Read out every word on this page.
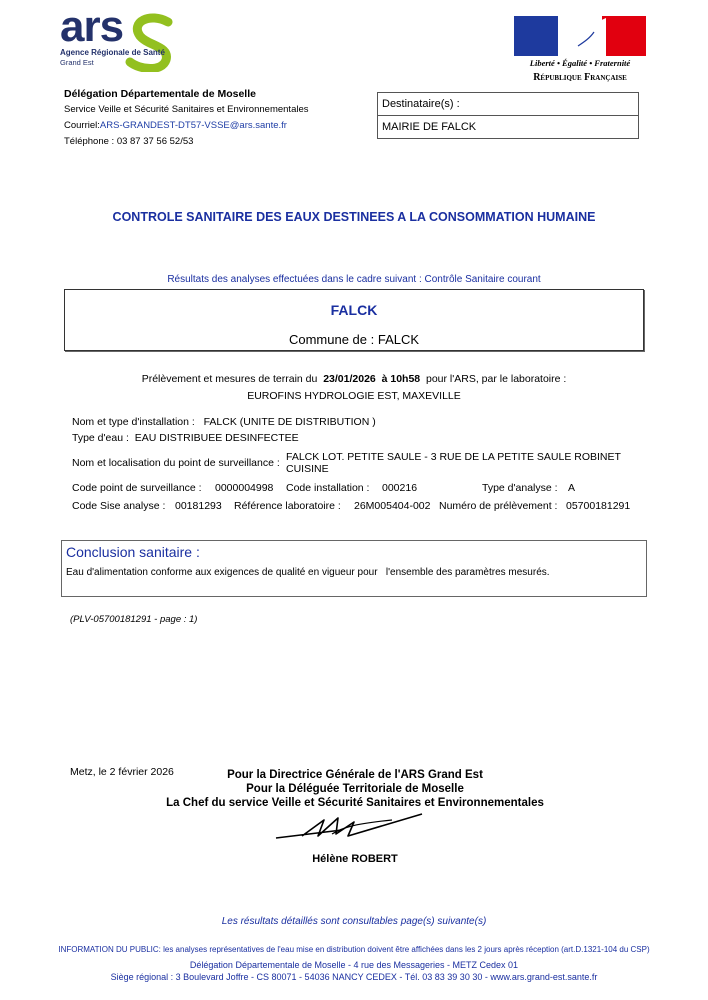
ars
Agence Régionale de Santé
Grand Est	Liberté • Égalité • Fraternité
République Française
Délégation Départementale de Moselle
Service Veille et Sécurité Sanitaires et Environnementales
Courriel:ARS-GRANDEST-DT57-VSSE@ars.sante.fr
Téléphone : 03 87 37 56 52/53
Destinataire(s) :
MAIRIE DE FALCK
CONTROLE SANITAIRE DES EAUX DESTINEES A LA CONSOMMATION HUMAINE
Résultats des analyses effectuées dans le cadre suivant : Contrôle Sanitaire courant
FALCK
Commune de : FALCK
Prélèvement et mesures de terrain du 23/01/2026 à 10h58 pour l'ARS, par le laboratoire :
EUROFINS HYDROLOGIE EST, MAXEVILLE
Nom et type d'installation : FALCK (UNITE DE DISTRIBUTION )
Type d'eau : EAU DISTRIBUEE DESINFECTEE
Nom et localisation du point de surveillance : FALCK LOT. PETITE SAULE - 3 RUE DE LA PETITE SAULE ROBINET
CUISINE
Code point de surveillance : 0000004998 Code installation : 000216	Type d'analyse : A
Code Sise analyse : 00181293 Référence laboratoire : 26M005404-002 Numéro de prélèvement : 05700181291
Conclusion sanitaire :
Eau d'alimentation conforme aux exigences de qualité en vigueur pour   l'ensemble des paramètres mesurés.
(PLV-05700181291 - page : 1)
Metz, le 2 février 2026	Pour la Directrice Générale de l'ARS Grand Est
Pour la Déléguée Territoriale de Moselle
La Chef du service Veille et Sécurité Sanitaires et Environnementales
Hélène ROBERT
Les résultats détaillés sont consultables page(s) suivante(s)
INFORMATION DU PUBLIC: les analyses représentatives de l'eau mise en distribution doivent être affichées dans les 2 jours après réception (art.D.1321-104 du CSP)
Délégation Départementale de Moselle - 4 rue des Messageries - METZ Cedex 01
Siège régional : 3 Boulevard Joffre - CS 80071 - 54036 NANCY CEDEX - Tél. 03 83 39 30 30 - www.ars.grand-est.sante.fr
